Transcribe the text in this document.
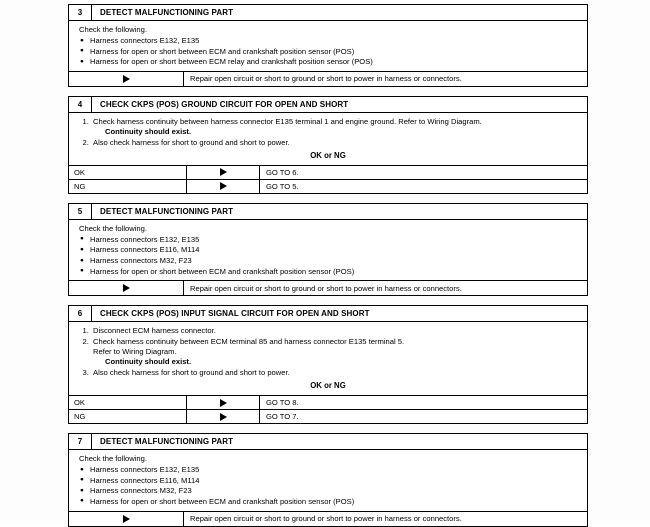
3	DETECT MALFUNCTIONING PART

Check the following.

● Harness connectors E132, E135
● Harness for open or short between ECM and crankshaft position sensor (POS)
● Harness for open or short between ECM relay and crankshaft position sensor (POS)
Repair open circuit or short to ground or short to power in harness or connectors.
4	CHECK CKPS (POS) GROUND CIRCUIT FOR OPEN AND SHORT
1. Check harness continuity between harness connector E135 terminal 1 and engine ground. Refer to Wiring Diagram.
Continuity should exist.
2. Also check harness for short to ground and short to power.
OK or NG
OK	GO TO 6.
NG	GO TO 5.
5	DETECT MALFUNCTIONING PART

Check the following.

● Harness connectors E132, E135
● Harness connectors E116, M114
● Harness connectors M32, F23
● Harness for open or short between ECM and crankshaft position sensor (POS)
Repair open circuit or short to ground or short to power in harness or connectors.
6	CHECK CKPS (POS) INPUT SIGNAL CIRCUIT FOR OPEN AND SHORT
1. Disconnect ECM harness connector.
2. Check harness continuity between ECM terminal 85 and harness connector E135 terminal 5.
Refer to Wiring Diagram.
Continuity should exist.
3. Also check harness for short to ground and short to power.
OK or NG
OK	GO TO 8.
NG	GO TO 7.
7	DETECT MALFUNCTIONING PART

Check the following.

● Harness connectors E132, E135
● Harness connectors E116, M114
● Harness connectors M32, F23
● Harness for open or short between ECM and crankshaft position sensor (POS)
Repair open circuit or short to ground or short to power in harness or connectors.
